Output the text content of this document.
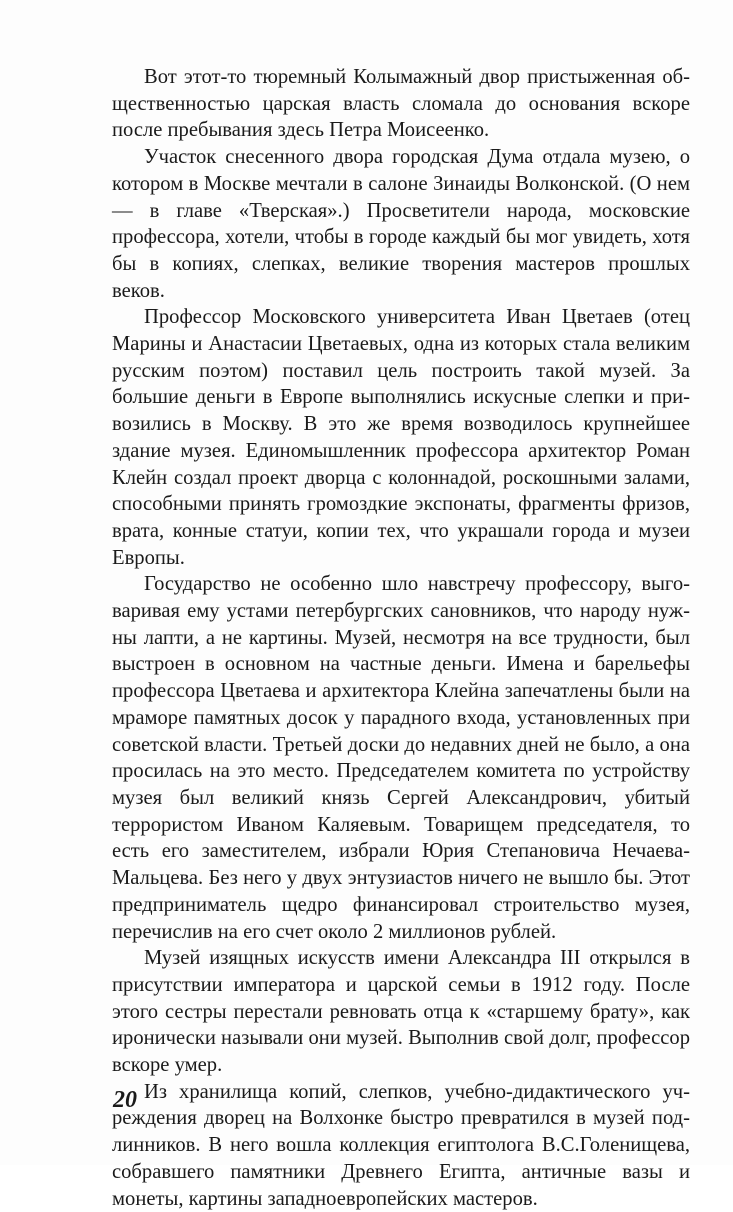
Вот этот-то тюремный Колымажный двор пристыженная общественностью царская власть сломала до основания вскоре после пребывания здесь Петра Моисеенко.

Участок снесенного двора городская Дума отдала музею, о котором в Москве мечтали в салоне Зинаиды Волконской. (О нем — в главе «Тверская».) Просветители народа, московские профессора, хотели, чтобы в городе каждый бы мог увидеть, хотя бы в копиях, слепках, великие творения мастеров прошлых веков.

Профессор Московского университета Иван Цветаев (отец Марины и Анастасии Цветаевых, одна из которых стала великим русским поэтом) поставил цель построить такой музей. За большие деньги в Европе выполнялись искусные слепки и привозились в Москву. В это же время возводилось крупнейшее здание музея. Единомышленник профессора архитектор Роман Клейн создал проект дворца с колоннадой, роскошными залами, способными принять громоздкие экспонаты, фрагменты фризов, врата, конные статуи, копии тех, что украшали города и музеи Европы.

Государство не особенно шло навстречу профессору, выговаривая ему устами петербургских сановников, что народу нужны лапти, а не картины. Музей, несмотря на все трудности, был выстроен в основном на частные деньги. Имена и барельефы профессора Цветаева и архитектора Клейна запечатлены были на мраморе памятных досок у парадного входа, установленных при советской власти. Третьей доски до недавних дней не было, а она просилась на это место. Председателем комитета по устройству музея был великий князь Сергей Александрович, убитый террористом Иваном Каляевым. Товарищем председателя, то есть его заместителем, избрали Юрия Степановича Нечаева-Мальцева. Без него у двух энтузиастов ничего не вышло бы. Этот предприниматель щедро финансировал строительство музея, перечислив на его счет около 2 миллионов рублей.

Музей изящных искусств имени Александра III открылся в присутствии императора и царской семьи в 1912 году. После этого сестры перестали ревновать отца к «старшему брату», как иронически называли они музей. Выполнив свой долг, профессор вскоре умер.

Из хранилища копий, слепков, учебно-дидактического учреждения дворец на Волхонке быстро превратился в музей подлинников. В него вошла коллекция египтолога В.С.Голенищева, собравшего памятники Древнего Египта, античные вазы и монеты, картины западноевропейских мастеров.

20
